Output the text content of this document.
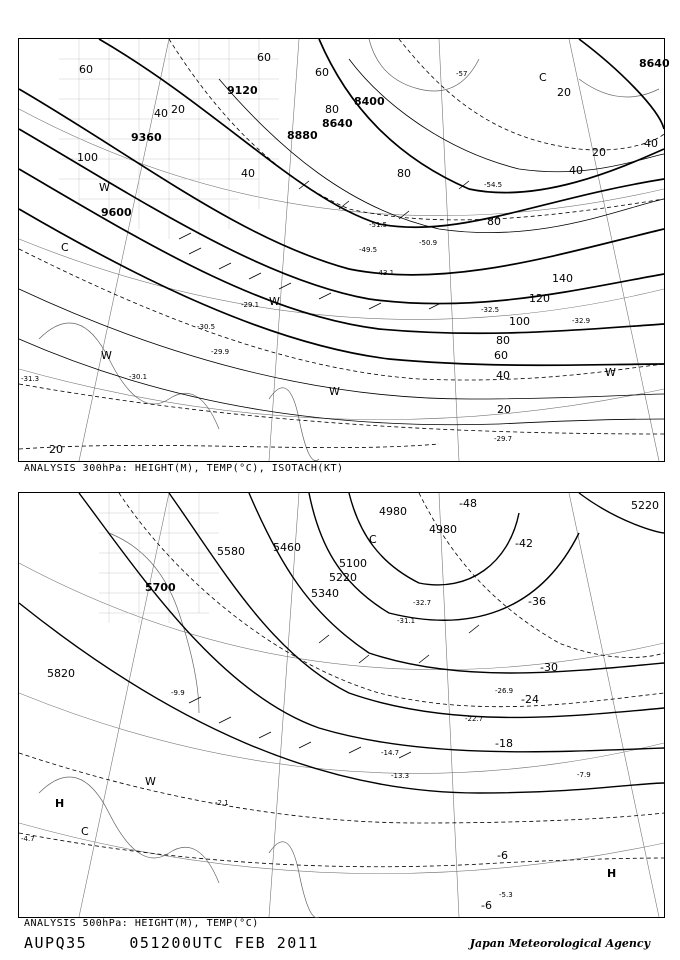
9120
9360
9600
8880
8640
8400
8640
60
40 20
100
40
80
60
60
80
80
120
140
100
80
60
40
20
20
40
20
40
20
-30.5
-29.9
-30.1
-31.3
-29.1
-32.5
-32.9
-43.1
-49.5
-50.9
-51.5
-54.5
-57
-29.7
C
W
W
W
W
W
C
ANALYSIS 300hPa: HEIGHT(M), TEMP(°C), ISOTACH(KT)
5700
5580	5460
5340
5220
5100
4980
5820
5220
4980
-48
-42
-36
-30
-24
-18
-6
-6
-32.7
-31.1
-26.9
-22.7
-14.7
-13.3
-9.9
-7.9
-5.3
-2.1
-4.7
H
H
C
W
C
ANALYSIS 500hPa: HEIGHT(M), TEMP(°C)
AUPQ35	051200UTC FEB 2011	Japan Meteorological Agency
